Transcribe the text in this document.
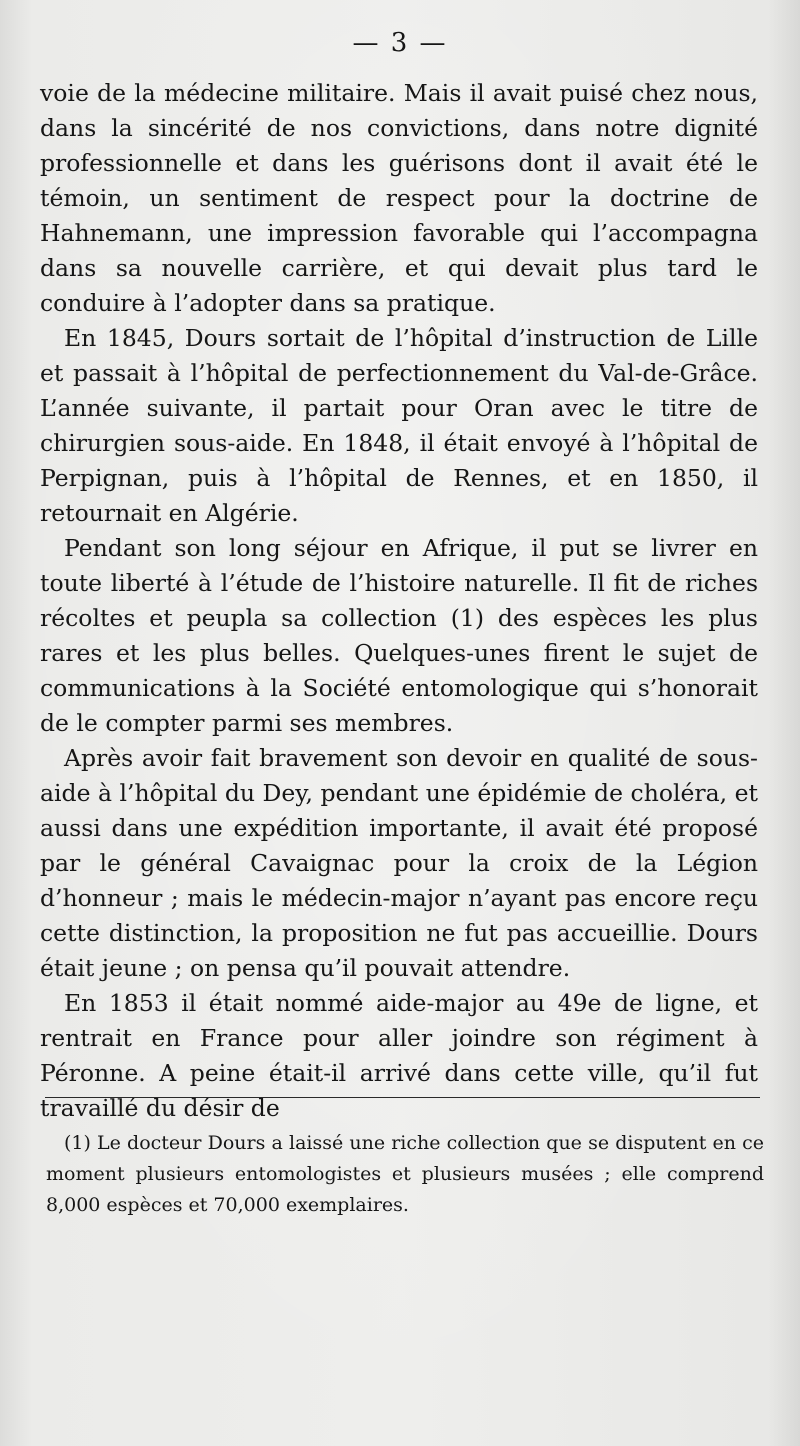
— 3 —

voie de la médecine militaire. Mais il avait puisé chez nous, dans la sincérité de nos convictions, dans notre dignité professionnelle et dans les guérisons dont il avait été le témoin, un sentiment de respect pour la doctrine de Hahnemann, une impression favorable qui l’accompagna dans sa nouvelle carrière, et qui devait plus tard le conduire à l’adopter dans sa pratique.

En 1845, Dours sortait de l’hôpital d’instruction de Lille et passait à l’hôpital de perfectionnement du Val-de-Grâce. L’année suivante, il partait pour Oran avec le titre de chirurgien sous-aide. En 1848, il était envoyé à l’hôpital de Perpignan, puis à l’hôpital de Rennes, et en 1850, il retournait en Algérie.

Pendant son long séjour en Afrique, il put se livrer en toute liberté à l’étude de l’histoire naturelle. Il fit de riches récoltes et peupla sa collection (1) des espèces les plus rares et les plus belles. Quelques-unes firent le sujet de communications à la Société entomologique qui s’honorait de le compter parmi ses membres.

Après avoir fait bravement son devoir en qualité de sous-aide à l’hôpital du Dey, pendant une épidémie de choléra, et aussi dans une expédition importante, il avait été proposé par le général Cavaignac pour la croix de la Légion d’honneur ; mais le médecin-major n’ayant pas encore reçu cette distinction, la proposition ne fut pas accueillie. Dours était jeune ; on pensa qu’il pouvait attendre.

En 1853 il était nommé aide-major au 49e de ligne, et rentrait en France pour aller joindre son régiment à Péronne. A peine était-il arrivé dans cette ville, qu’il fut travaillé du désir de

(1) Le docteur Dours a laissé une riche collection que se disputent en ce moment plusieurs entomologistes et plusieurs musées ; elle comprend 8,000 espèces et 70,000 exemplaires.
